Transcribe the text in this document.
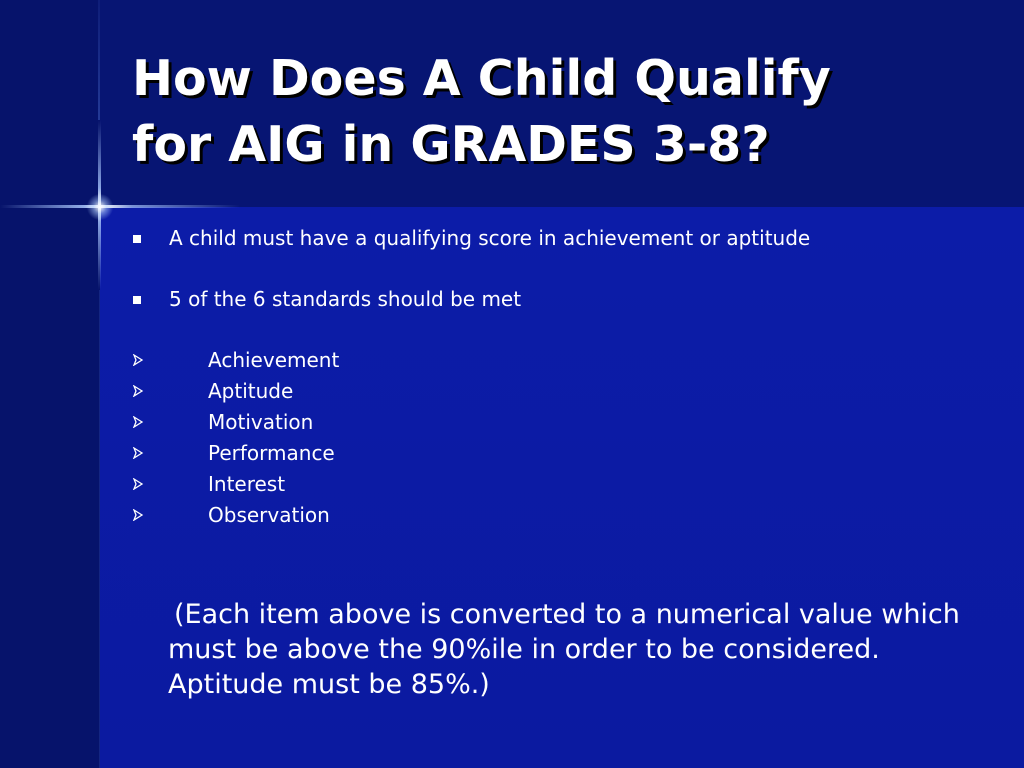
How Does A Child Qualify
for AIG in GRADES 3-8?
A child must have a qualifying score in achievement or aptitude
5 of the 6 standards should be met
Achievement
Aptitude
Motivation
Performance
Interest
Observation

(Each item above is converted to a numerical value which must be above the 90%ile in order to be considered. Aptitude must be 85%.)
